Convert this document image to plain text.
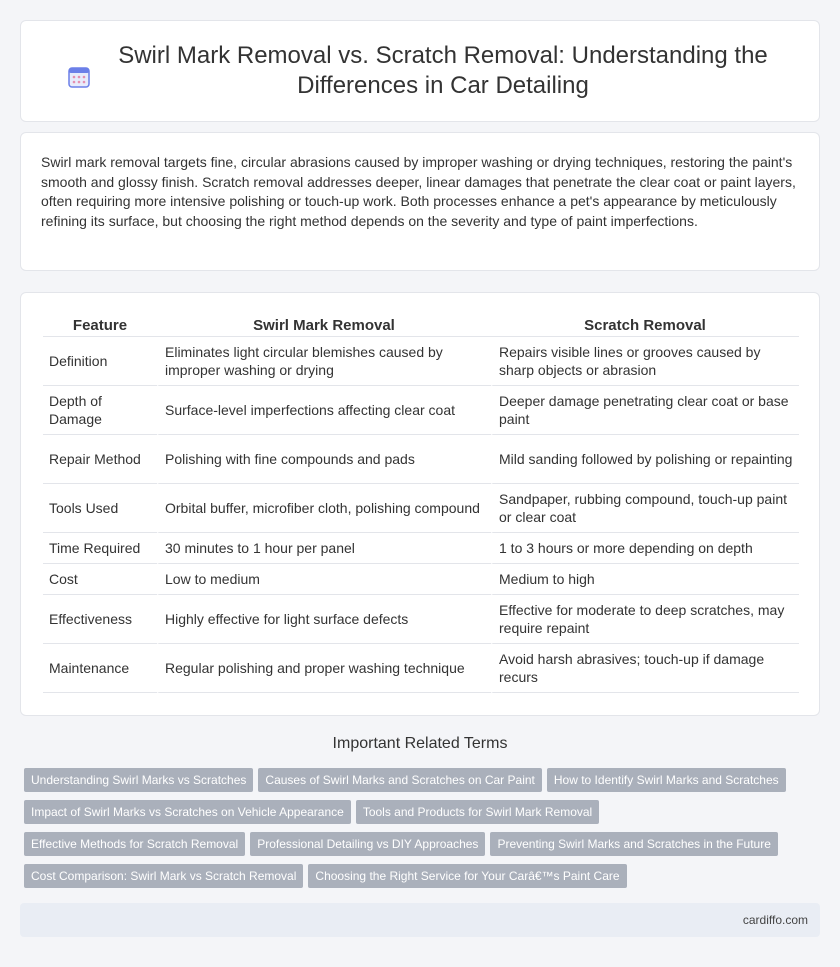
Swirl Mark Removal vs. Scratch Removal: Understanding the Differences in Car Detailing

Swirl mark removal targets fine, circular abrasions caused by improper washing or drying techniques, restoring the paint's smooth and glossy finish. Scratch removal addresses deeper, linear damages that penetrate the clear coat or paint layers, often requiring more intensive polishing or touch-up work. Both processes enhance a pet's appearance by meticulously refining its surface, but choosing the right method depends on the severity and type of paint imperfections.

Feature	Swirl Mark Removal	Scratch Removal
Definition	Eliminates light circular blemishes caused by improper washing or drying	Repairs visible lines or grooves caused by sharp objects or abrasion
Depth of Damage	Surface-level imperfections affecting clear coat	Deeper damage penetrating clear coat or base paint
Repair Method	Polishing with fine compounds and pads	Mild sanding followed by polishing or repainting
Tools Used	Orbital buffer, microfiber cloth, polishing compound	Sandpaper, rubbing compound, touch-up paint or clear coat
Time Required	30 minutes to 1 hour per panel	1 to 3 hours or more depending on depth
Cost	Low to medium	Medium to high
Effectiveness	Highly effective for light surface defects	Effective for moderate to deep scratches, may require repaint
Maintenance	Regular polishing and proper washing technique	Avoid harsh abrasives; touch-up if damage recurs
Important Related Terms
Understanding Swirl Marks vs Scratches Causes of Swirl Marks and Scratches on Car Paint How to Identify Swirl Marks and Scratches
Impact of Swirl Marks vs Scratches on Vehicle Appearance Tools and Products for Swirl Mark Removal
Effective Methods for Scratch Removal Professional Detailing vs DIY Approaches Preventing Swirl Marks and Scratches in the Future
Cost Comparison: Swirl Mark vs Scratch Removal Choosing the Right Service for Your Carâ€™s Paint Care
cardiffo.com
